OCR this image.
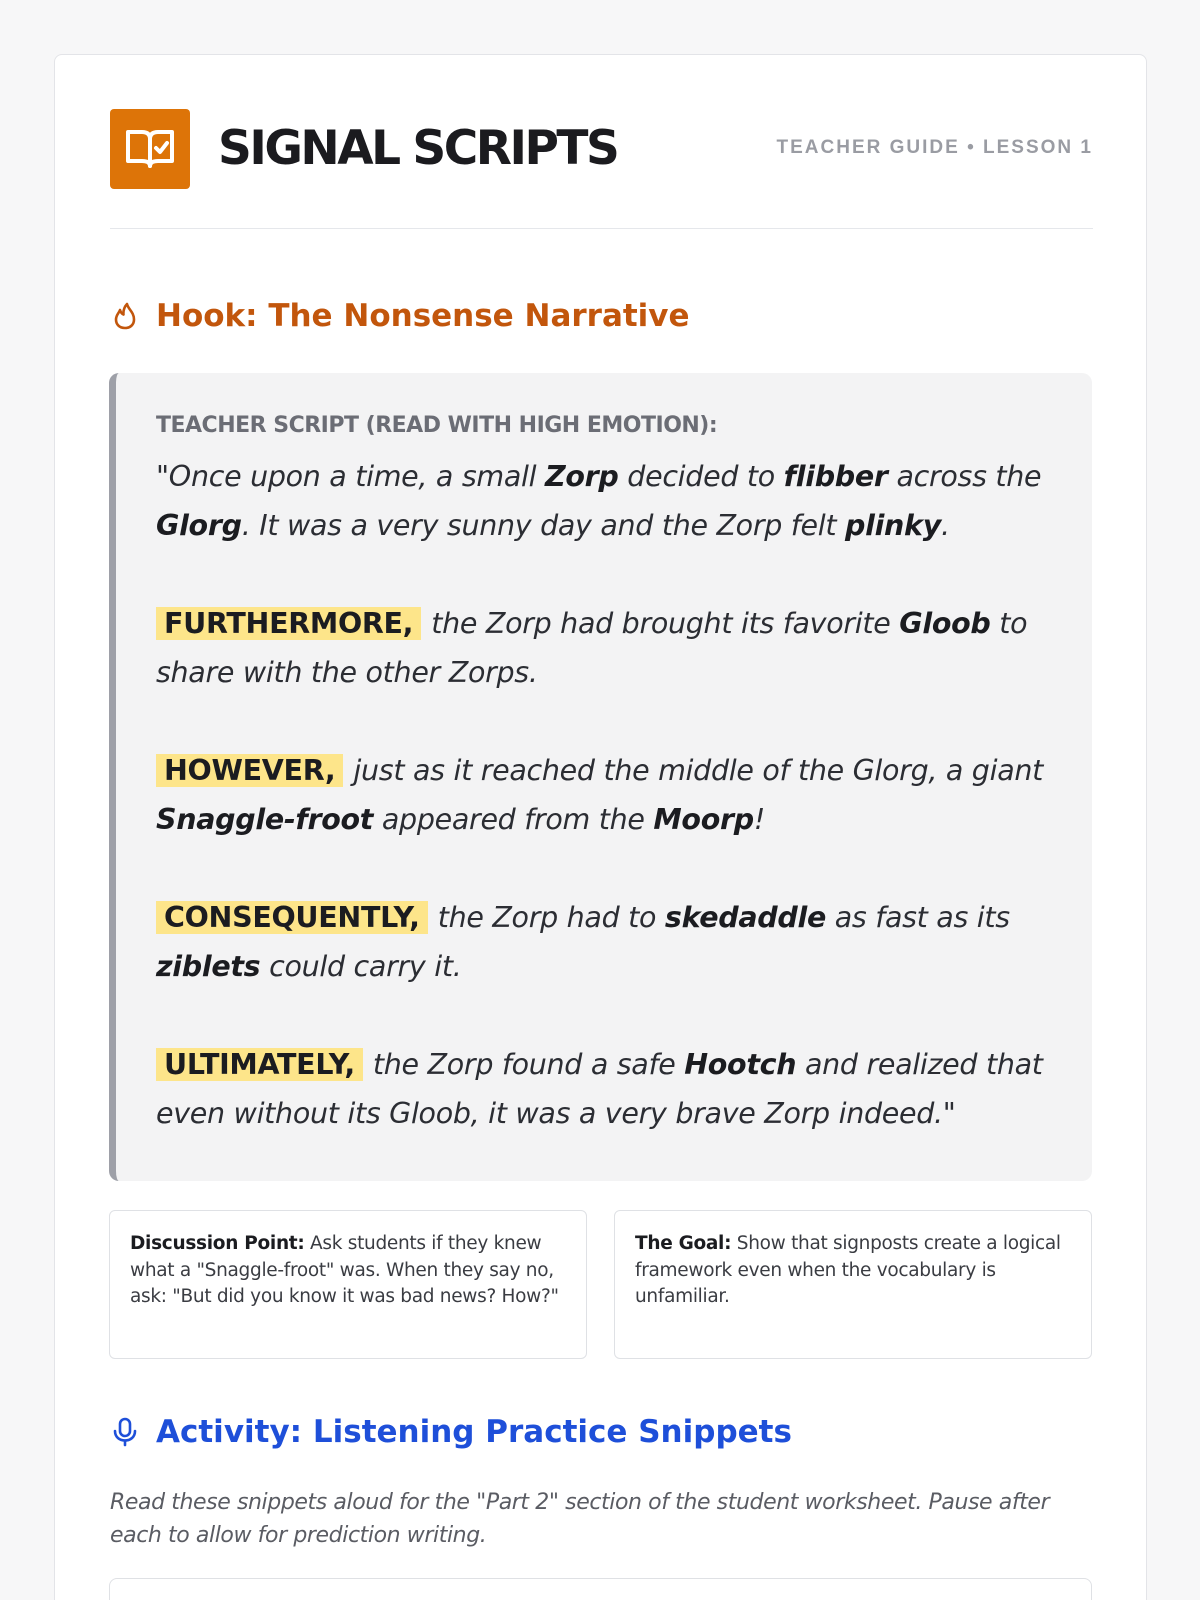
SIGNAL SCRIPTS	TEACHER GUIDE • LESSON 1
Hook: The Nonsense Narrative
TEACHER SCRIPT (READ WITH HIGH EMOTION):
"Once upon a time, a small Zorp decided to flibber across the Glorg. It was a very sunny day and the Zorp felt plinky.
FURTHERMORE, the Zorp had brought its favorite Gloob to share with the other Zorps.
HOWEVER, just as it reached the middle of the Glorg, a giant Snaggle-froot appeared from the Moorp!
CONSEQUENTLY, the Zorp had to skedaddle as fast as its ziblets could carry it.
ULTIMATELY, the Zorp found a safe Hootch and realized that even without its Gloob, it was a very brave Zorp indeed."
Discussion Point: Ask students if they knew what a "Snaggle-froot" was. When they say no, ask: "But did you know it was bad news? How?"
The Goal: Show that signposts create a logical framework even when the vocabulary is unfamiliar.
Activity: Listening Practice Snippets
Read these snippets aloud for the "Part 2" section of the student worksheet. Pause after each to allow for prediction writing.
